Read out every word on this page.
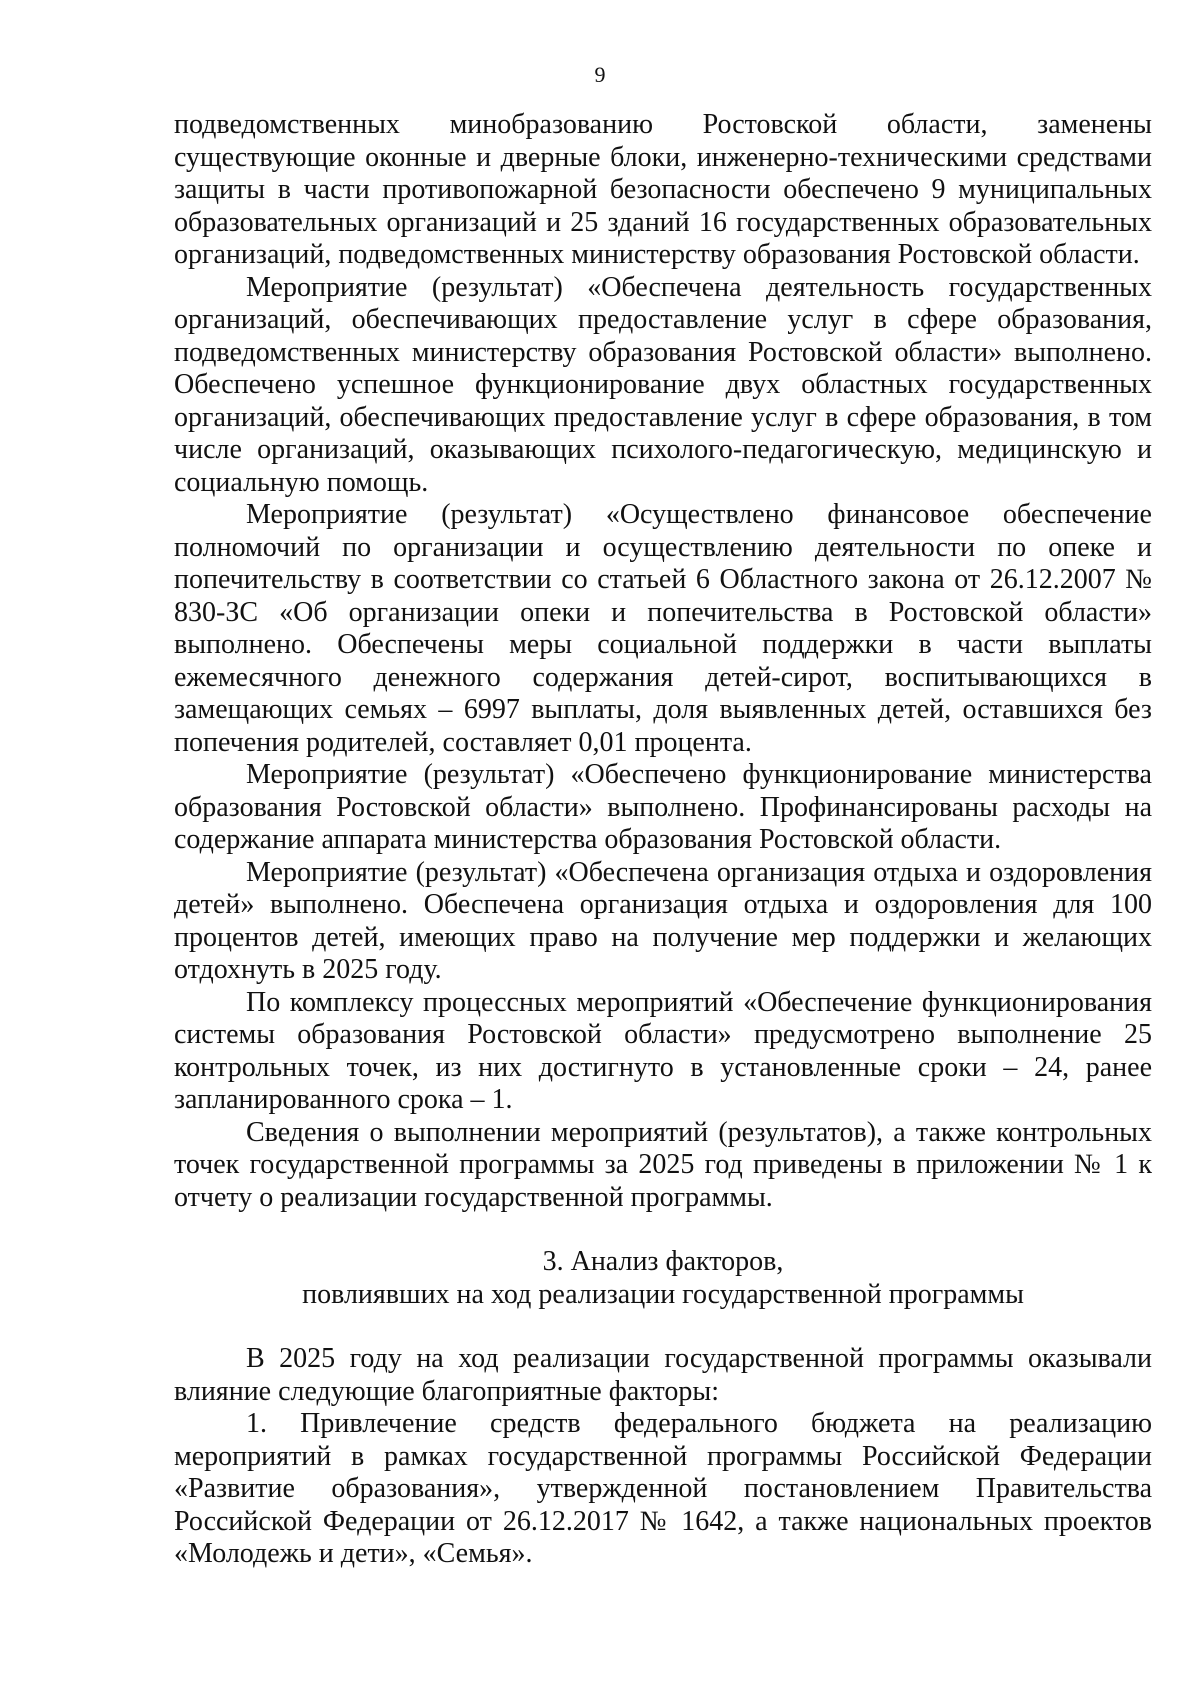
9

подведомственных минобразованию Ростовской области, заменены существующие оконные и дверные блоки, инженерно-техническими средствами защиты в части противопожарной безопасности обеспечено 9 муниципальных образовательных организаций и 25 зданий 16 государственных образовательных организаций, подведомственных министерству образования Ростовской области.

Мероприятие (результат) «Обеспечена деятельность государственных организаций, обеспечивающих предоставление услуг в сфере образования, подведомственных министерству образования Ростовской области» выполнено. Обеспечено успешное функционирование двух областных государственных организаций, обеспечивающих предоставление услуг в сфере образования, в том числе организаций, оказывающих психолого-педагогическую, медицинскую и социальную помощь.

Мероприятие (результат) «Осуществлено финансовое обеспечение полномочий по организации и осуществлению деятельности по опеке и попечительству в соответствии со статьей 6 Областного закона от 26.12.2007 № 830-ЗС «Об организации опеки и попечительства в Ростовской области» выполнено. Обеспечены меры социальной поддержки в части выплаты ежемесячного денежного содержания детей-сирот, воспитывающихся в замещающих семьях – 6997 выплаты, доля выявленных детей, оставшихся без попечения родителей, составляет 0,01 процента.

Мероприятие (результат) «Обеспечено функционирование министерства образования Ростовской области» выполнено. Профинансированы расходы на содержание аппарата министерства образования Ростовской области.

Мероприятие (результат) «Обеспечена организация отдыха и оздоровления детей» выполнено. Обеспечена организация отдыха и оздоровления для 100 процентов детей, имеющих право на получение мер поддержки и желающих отдохнуть в 2025 году.

По комплексу процессных мероприятий «Обеспечение функционирования системы образования Ростовской области» предусмотрено выполнение 25 контрольных точек, из них достигнуто в установленные сроки – 24, ранее запланированного срока – 1.

Сведения о выполнении мероприятий (результатов), а также контрольных точек государственной программы за 2025 год приведены в приложении № 1 к отчету о реализации государственной программы.

3. Анализ факторов,
повлиявших на ход реализации государственной программы

В 2025 году на ход реализации государственной программы оказывали влияние следующие благоприятные факторы:

1. Привлечение средств федерального бюджета на реализацию мероприятий в рамках государственной программы Российской Федерации «Развитие образования», утвержденной постановлением Правительства Российской Федерации от 26.12.2017 № 1642, а также национальных проектов «Молодежь и дети», «Семья».
